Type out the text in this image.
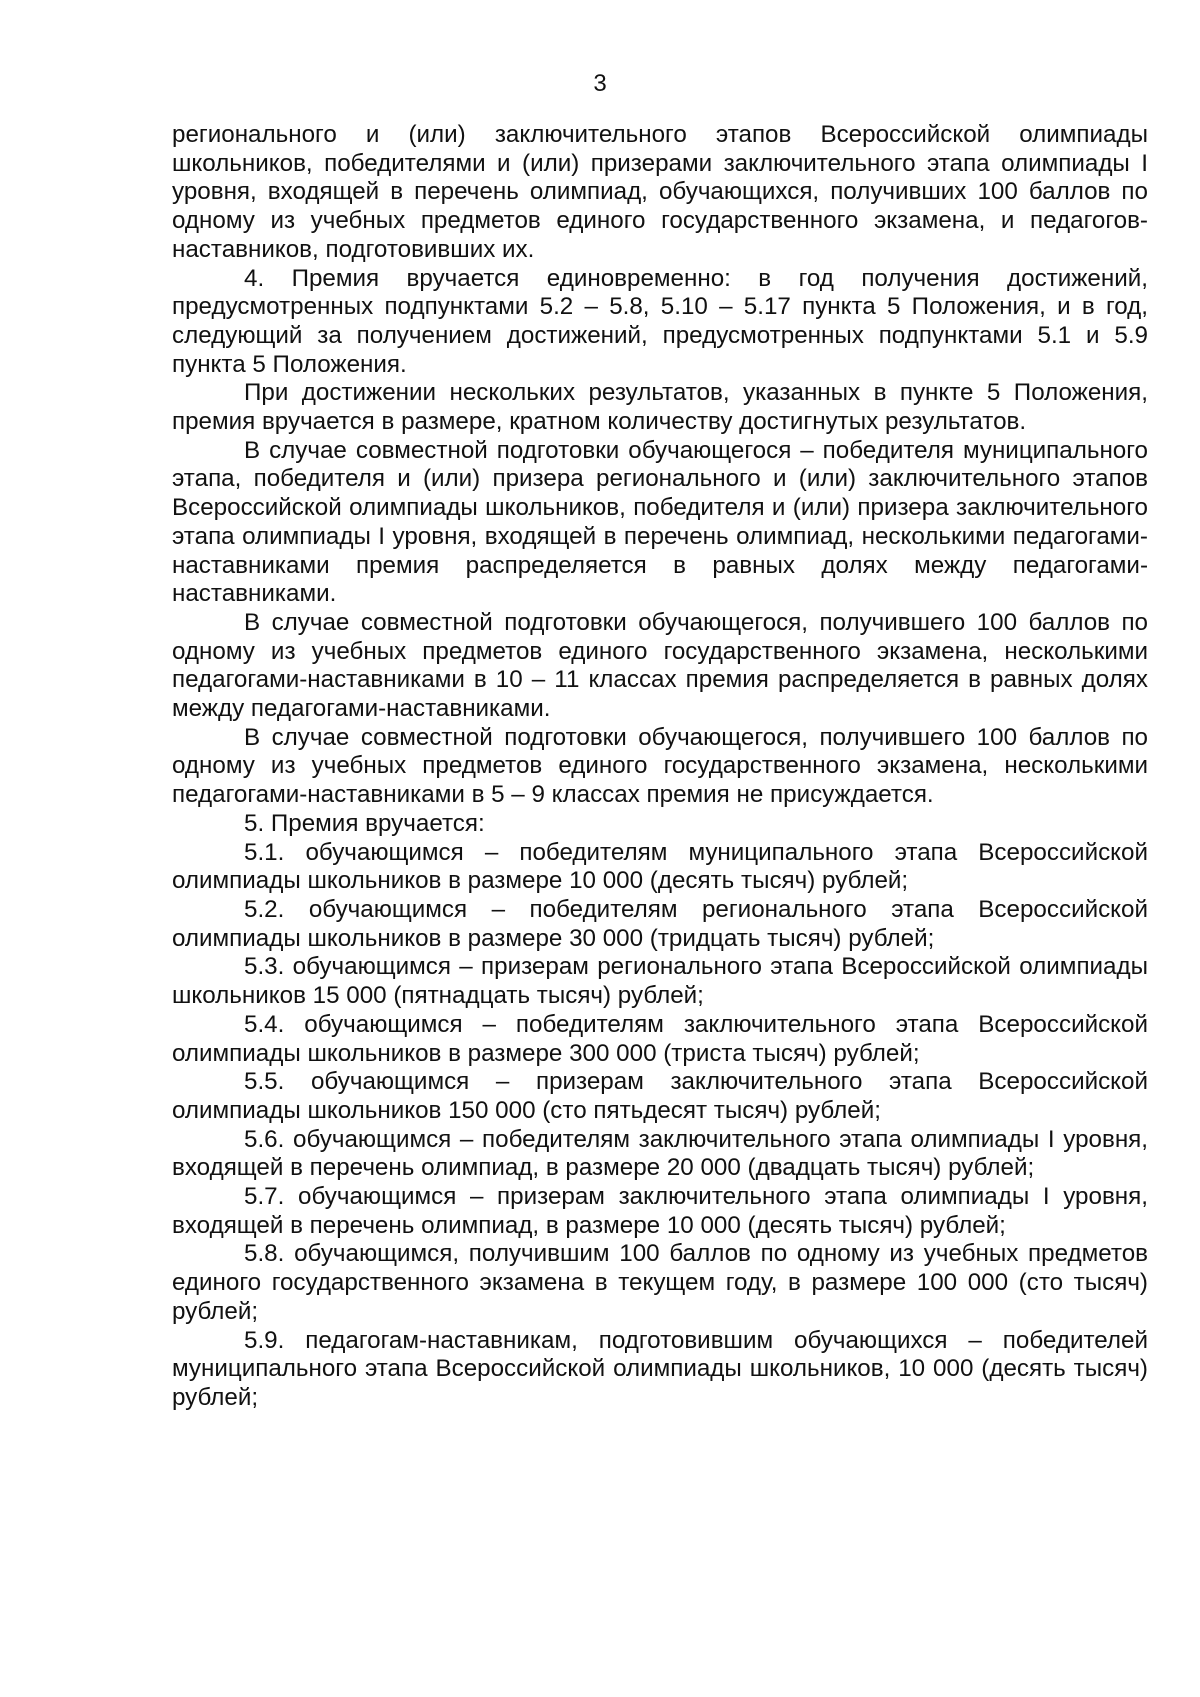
3

регионального и (или) заключительного этапов Всероссийской олимпиады школьников, победителями и (или) призерами заключительного этапа олимпиады I уровня, входящей в перечень олимпиад, обучающихся, получивших 100 баллов по одному из учебных предметов единого государственного экзамена, и педагогов-наставников, подготовивших их.

4. Премия вручается единовременно: в год получения достижений, предусмотренных подпунктами 5.2 – 5.8, 5.10 – 5.17 пункта 5 Положения, и в год, следующий за получением достижений, предусмотренных подпунктами 5.1 и 5.9 пункта 5 Положения.

При достижении нескольких результатов, указанных в пункте 5 Положения, премия вручается в размере, кратном количеству достигнутых результатов.

В случае совместной подготовки обучающегося – победителя муниципального этапа, победителя и (или) призера регионального и (или) заключительного этапов Всероссийской олимпиады школьников, победителя и (или) призера заключительного этапа олимпиады I уровня, входящей в перечень олимпиад, несколькими педагогами-наставниками премия распределяется в равных долях между педагогами-наставниками.

В случае совместной подготовки обучающегося, получившего 100 баллов по одному из учебных предметов единого государственного экзамена, несколькими педагогами-наставниками в 10 – 11 классах премия распределяется в равных долях между педагогами-наставниками.

В случае совместной подготовки обучающегося, получившего 100 баллов по одному из учебных предметов единого государственного экзамена, несколькими педагогами-наставниками в 5 – 9 классах премия не присуждается.

5. Премия вручается:

5.1. обучающимся – победителям муниципального этапа Всероссийской олимпиады школьников в размере 10 000 (десять тысяч) рублей;

5.2. обучающимся – победителям регионального этапа Всероссийской олимпиады школьников в размере 30 000 (тридцать тысяч) рублей;

5.3. обучающимся – призерам регионального этапа Всероссийской олимпиады школьников 15 000 (пятнадцать тысяч) рублей;

5.4. обучающимся – победителям заключительного этапа Всероссийской олимпиады школьников в размере 300 000 (триста тысяч) рублей;

5.5. обучающимся – призерам заключительного этапа Всероссийской олимпиады школьников 150 000 (сто пятьдесят тысяч) рублей;

5.6. обучающимся – победителям заключительного этапа олимпиады I уровня, входящей в перечень олимпиад, в размере 20 000 (двадцать тысяч) рублей;

5.7. обучающимся – призерам заключительного этапа олимпиады I уровня, входящей в перечень олимпиад, в размере 10 000 (десять тысяч) рублей;

5.8. обучающимся, получившим 100 баллов по одному из учебных предметов единого государственного экзамена в текущем году, в размере 100 000 (сто тысяч) рублей;

5.9. педагогам-наставникам, подготовившим обучающихся – победителей муниципального этапа Всероссийской олимпиады школьников, 10 000 (десять тысяч) рублей;
